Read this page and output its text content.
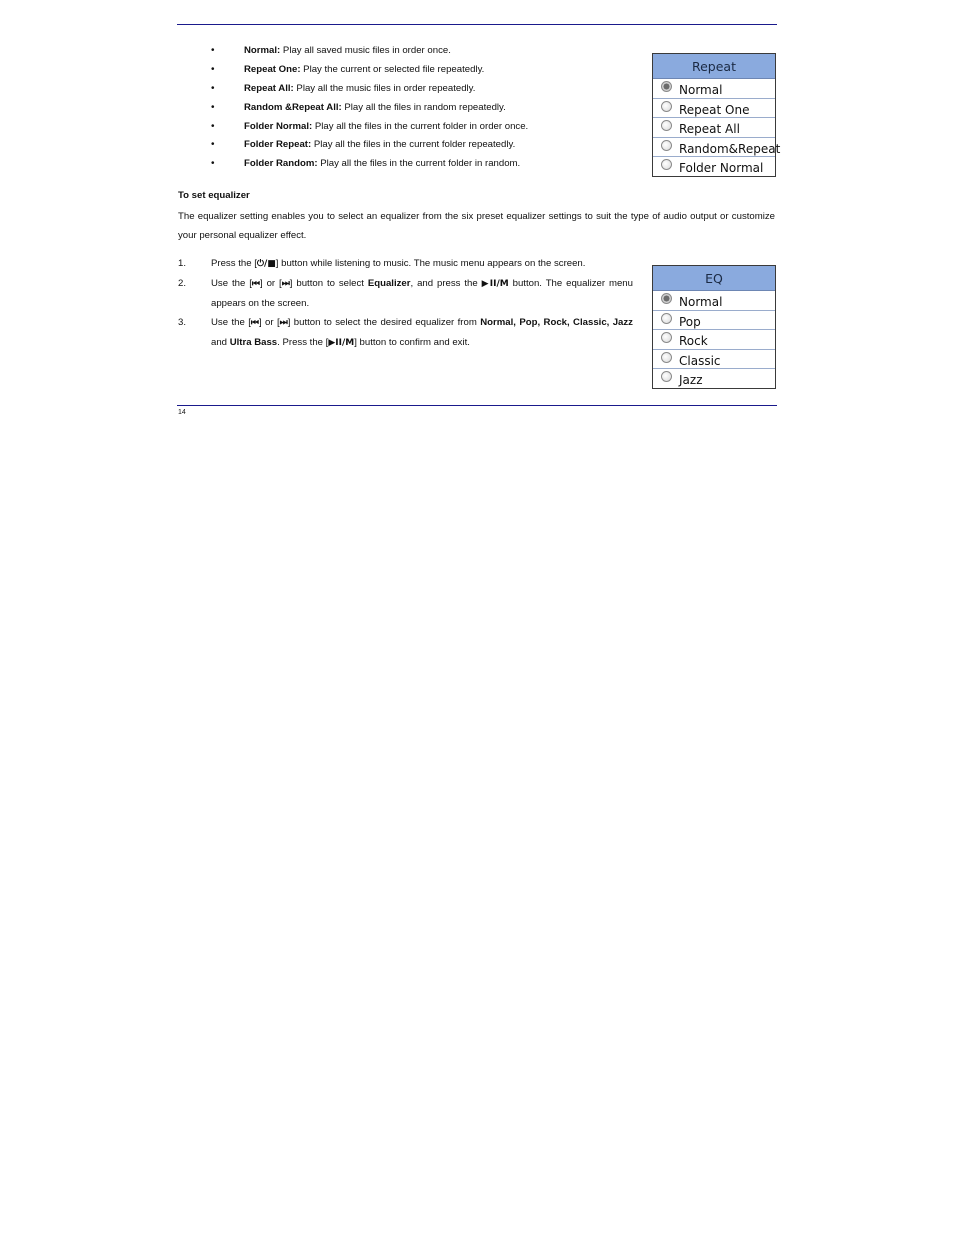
•	Normal: Play all saved music files in order once.
•	Repeat One: Play the current or selected file repeatedly.
•	Repeat All: Play all the music files in order repeatedly.
•	Random &Repeat All: Play all the files in random repeatedly.
•	Folder Normal: Play all the files in the current folder in order once.
•	Folder Repeat: Play all the files in the current folder repeatedly.
•	Folder Random: Play all the files in the current folder in random.
Repeat
Normal
Repeat One
Repeat All
Random&Repeat
Folder Normal
To set equalizer
The equalizer setting enables you to select an equalizer from the six preset equalizer settings to suit the type of audio output or customize your personal equalizer effect.
1.	Press the [⏻/■] button while listening to music. The music menu appears on the screen.
2.	Use the [⏮] or [⏭] button to select Equalizer, and press the ▶II/M button. The equalizer menu appears on the screen.
3.	Use the [⏮] or [⏭] button to select the desired equalizer from Normal, Pop, Rock, Classic, Jazz and Ultra Bass. Press the [▶II/M] button to confirm and exit.
EQ
Normal
Pop
Rock
Classic
Jazz
14
